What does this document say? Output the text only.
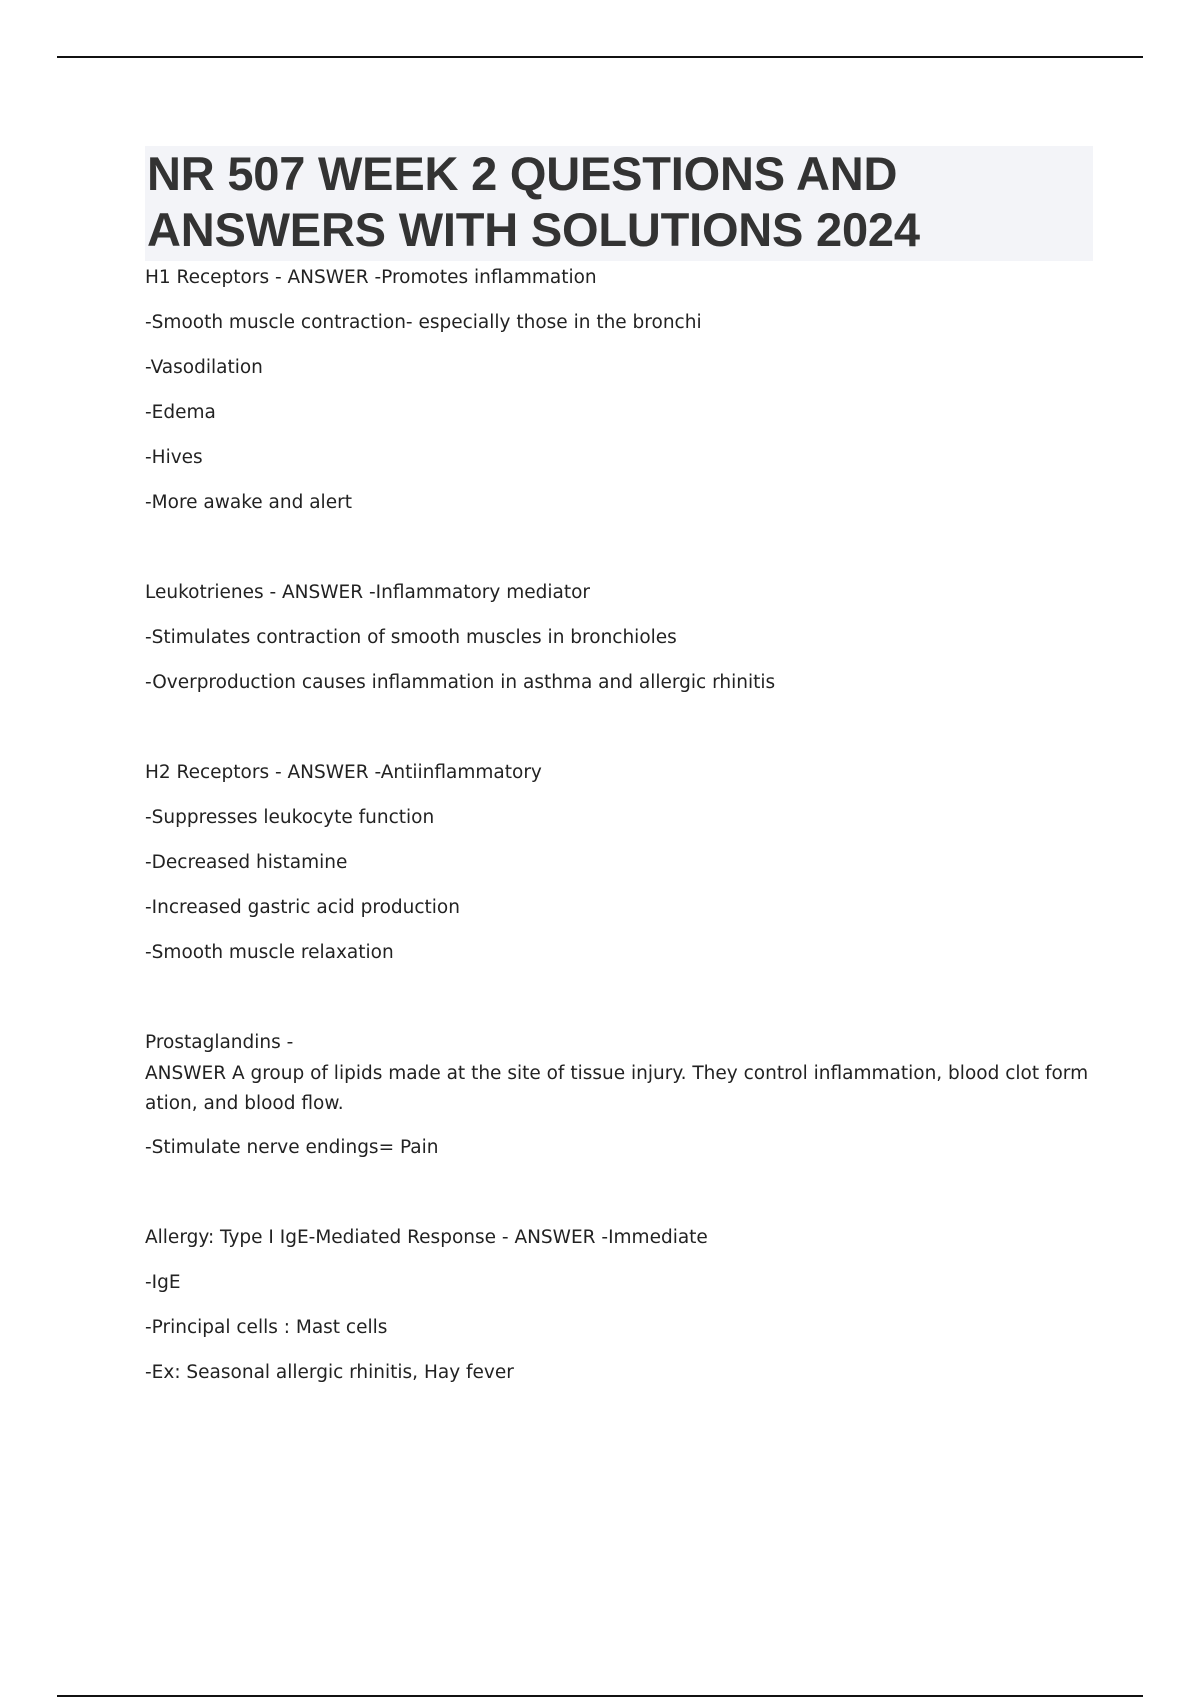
NR 507 WEEK 2 QUESTIONS AND ANSWERS WITH SOLUTIONS 2024
H1 Receptors - ANSWER -Promotes inflammation
-Smooth muscle contraction- especially those in the bronchi
-Vasodilation
-Edema
-Hives
-More awake and alert
Leukotrienes - ANSWER -Inflammatory mediator
-Stimulates contraction of smooth muscles in bronchioles
-Overproduction causes inflammation in asthma and allergic rhinitis
H2 Receptors - ANSWER -Antiinflammatory
-Suppresses leukocyte function
-Decreased histamine
-Increased gastric acid production
-Smooth muscle relaxation
Prostaglandins -
ANSWER A group of lipids made at the site of tissue injury. They control inflammation, blood clot formation, and blood flow.
-Stimulate nerve endings= Pain
Allergy: Type I IgE-Mediated Response - ANSWER -Immediate
-IgE
-Principal cells : Mast cells
-Ex: Seasonal allergic rhinitis, Hay fever
